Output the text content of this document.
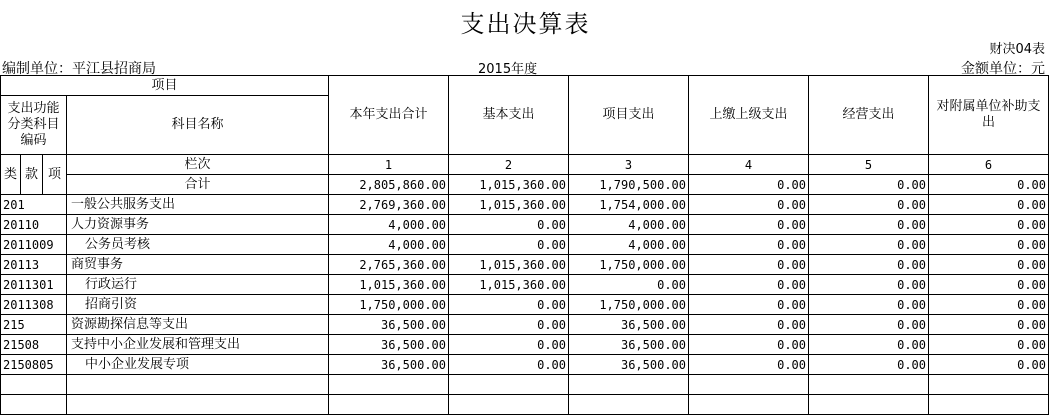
支出决算表
财决04表
编制单位：平江县招商局	2015年度	金额单位：元
项目				本年支出合计	基本支出	项目支出	上缴上级支出	经营支出	对附属单位补助支出
支出功能分类科目编码			科目名称						
类	款	项	栏次	1	2	3	4	5	6
			合计	2,805,860.00	1,015,360.00	1,790,500.00	0.00	0.00	0.00
201			一般公共服务支出	2,769,360.00	1,015,360.00	1,754,000.00	0.00	0.00	0.00
20110			人力资源事务	4,000.00	0.00	4,000.00	0.00	0.00	0.00
2011009			公务员考核	4,000.00	0.00	4,000.00	0.00	0.00	0.00
20113			商贸事务	2,765,360.00	1,015,360.00	1,750,000.00	0.00	0.00	0.00
2011301			行政运行	1,015,360.00	1,015,360.00	0.00	0.00	0.00	0.00
2011308			招商引资	1,750,000.00	0.00	1,750,000.00	0.00	0.00	0.00
215			资源勘探信息等支出	36,500.00	0.00	36,500.00	0.00	0.00	0.00
21508			支持中小企业发展和管理支出	36,500.00	0.00	36,500.00	0.00	0.00	0.00
2150805			中小企业发展专项	36,500.00	0.00	36,500.00	0.00	0.00	0.00
